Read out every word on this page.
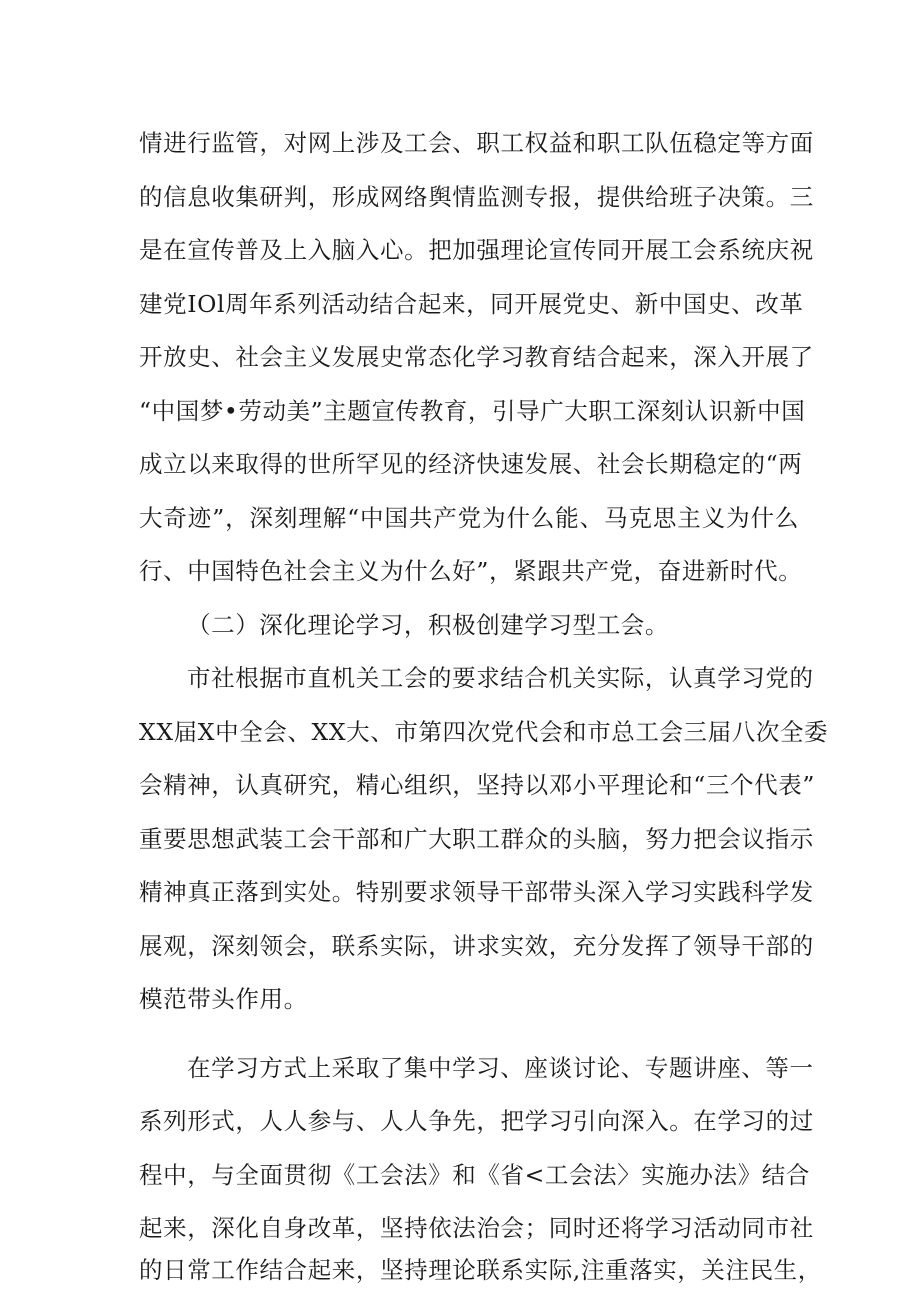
情进行监管，对网上涉及工会、职工权益和职工队伍稳定等方面
的信息收集研判，形成网络舆情监测专报，提供给班子决策。三
是在宣传普及上入脑入心。把加强理论宣传同开展工会系统庆祝
建党IOl周年系列活动结合起来，同开展党史、新中国史、改革
开放史、社会主义发展史常态化学习教育结合起来，深入开展了
“中国梦•劳动美”主题宣传教育，引导广大职工深刻认识新中国
成立以来取得的世所罕见的经济快速发展、社会长期稳定的“两
大奇迹”，深刻理解“中国共产党为什么能、马克思主义为什么
行、中国特色社会主义为什么好”，紧跟共产党，奋进新时代。
（二）深化理论学习，积极创建学习型工会。
市社根据市直机关工会的要求结合机关实际，认真学习党的
XX届X中全会、XX大、市第四次党代会和市总工会三届八次全委
会精神，认真研究，精心组织，坚持以邓小平理论和“三个代表”
重要思想武装工会干部和广大职工群众的头脑，努力把会议指示
精神真正落到实处。特别要求领导干部带头深入学习实践科学发
展观，深刻领会，联系实际，讲求实效，充分发挥了领导干部的
模范带头作用。
在学习方式上采取了集中学习、座谈讨论、专题讲座、等一
系列形式，人人参与、人人争先，把学习引向深入。在学习的过
程中，与全面贯彻《工会法》和《省<工会法〉实施办法》结合
起来，深化自身改革，坚持依法治会；同时还将学习活动同市社
的日常工作结合起来，坚持理论联系实际,注重落实，关注民生，
